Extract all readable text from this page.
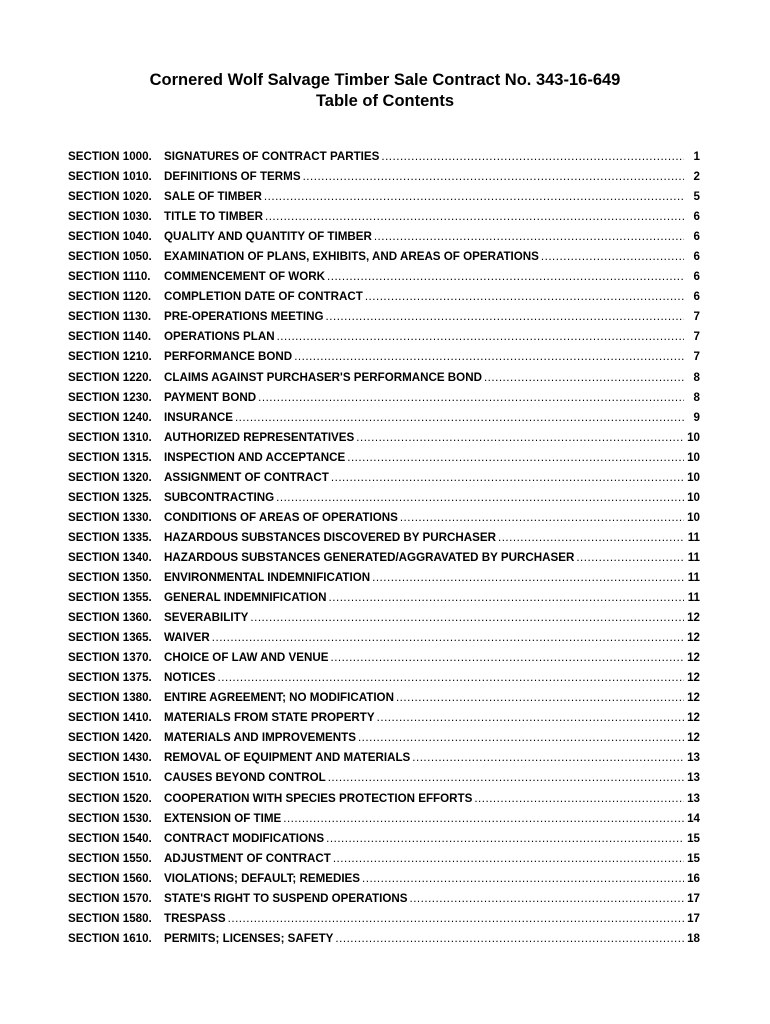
Cornered Wolf Salvage Timber Sale Contract No. 343-16-649
Table of Contents
SECTION 1000.	SIGNATURES OF CONTRACT PARTIES .....	1
SECTION 1010.	DEFINITIONS OF TERMS .....	2
SECTION 1020.	SALE OF TIMBER .....	5
SECTION 1030.	TITLE TO TIMBER .....	6
SECTION 1040.	QUALITY AND QUANTITY OF TIMBER .....	6
SECTION 1050.	EXAMINATION OF PLANS, EXHIBITS, AND AREAS OF OPERATIONS .....	6
SECTION 1110.	COMMENCEMENT OF WORK .....	6
SECTION 1120.	COMPLETION DATE OF CONTRACT .....	6
SECTION 1130.	PRE-OPERATIONS MEETING .....	7
SECTION 1140.	OPERATIONS PLAN .....	7
SECTION 1210.	PERFORMANCE BOND .....	7
SECTION 1220.	CLAIMS AGAINST PURCHASER'S PERFORMANCE BOND .....	8
SECTION 1230.	PAYMENT BOND .....	8
SECTION 1240.	INSURANCE .....	9
SECTION 1310.	AUTHORIZED REPRESENTATIVES .....	10
SECTION 1315.	INSPECTION AND ACCEPTANCE .....	10
SECTION 1320.	ASSIGNMENT OF CONTRACT .....	10
SECTION 1325.	SUBCONTRACTING .....	10
SECTION 1330.	CONDITIONS OF AREAS OF OPERATIONS .....	10
SECTION 1335.	HAZARDOUS SUBSTANCES DISCOVERED BY PURCHASER .....	11
SECTION 1340.	HAZARDOUS SUBSTANCES GENERATED/AGGRAVATED BY PURCHASER .....	11
SECTION 1350.	ENVIRONMENTAL INDEMNIFICATION .....	11
SECTION 1355.	GENERAL INDEMNIFICATION .....	11
SECTION 1360.	SEVERABILITY .....	12
SECTION 1365.	WAIVER .....	12
SECTION 1370.	CHOICE OF LAW AND VENUE .....	12
SECTION 1375.	NOTICES .....	12
SECTION 1380.	ENTIRE AGREEMENT; NO MODIFICATION .....	12
SECTION 1410.	MATERIALS FROM STATE PROPERTY .....	12
SECTION 1420.	MATERIALS AND IMPROVEMENTS .....	12
SECTION 1430.	REMOVAL OF EQUIPMENT AND MATERIALS .....	13
SECTION 1510.	CAUSES BEYOND CONTROL .....	13
SECTION 1520.	COOPERATION WITH SPECIES PROTECTION EFFORTS .....	13
SECTION 1530.	EXTENSION OF TIME .....	14
SECTION 1540.	CONTRACT MODIFICATIONS .....	15
SECTION 1550.	ADJUSTMENT OF CONTRACT .....	15
SECTION 1560.	VIOLATIONS; DEFAULT; REMEDIES .....	16
SECTION 1570.	STATE'S RIGHT TO SUSPEND OPERATIONS .....	17
SECTION 1580.	TRESPASS .....	17
SECTION 1610.	PERMITS; LICENSES; SAFETY .....	18
